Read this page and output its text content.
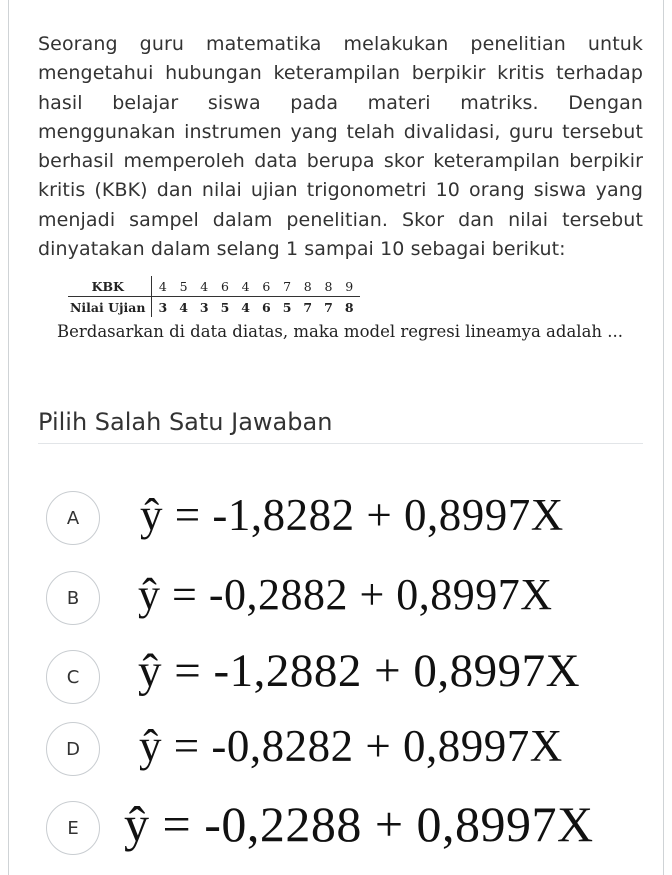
Seorang guru matematika melakukan penelitian untuk mengetahui hubungan keterampilan berpikir kritis terhadap hasil belajar siswa pada materi matriks. Dengan menggunakan instrumen yang telah divalidasi, guru tersebut berhasil memperoleh data berupa skor keterampilan berpikir kritis (KBK) dan nilai ujian trigonometri 10 orang siswa yang menjadi sampel dalam penelitian. Skor dan nilai tersebut dinyatakan dalam selang 1 sampai 10 sebagai berikut:
KBK	4	5	4	6	4	6	7	8	8	9
Nilai Ujian	3	4	3	5	4	6	5	7	7	8
Berdasarkan di data diatas, maka model regresi lineamya adalah ...
Pilih Salah Satu Jawaban
A	ŷ = -1,8282 + 0,8997X
B	ŷ = -0,2882 + 0,8997X
C	ŷ = -1,2882 + 0,8997X
D	ŷ = -0,8282 + 0,8997X
E ŷ = -0,2288 + 0,8997X
